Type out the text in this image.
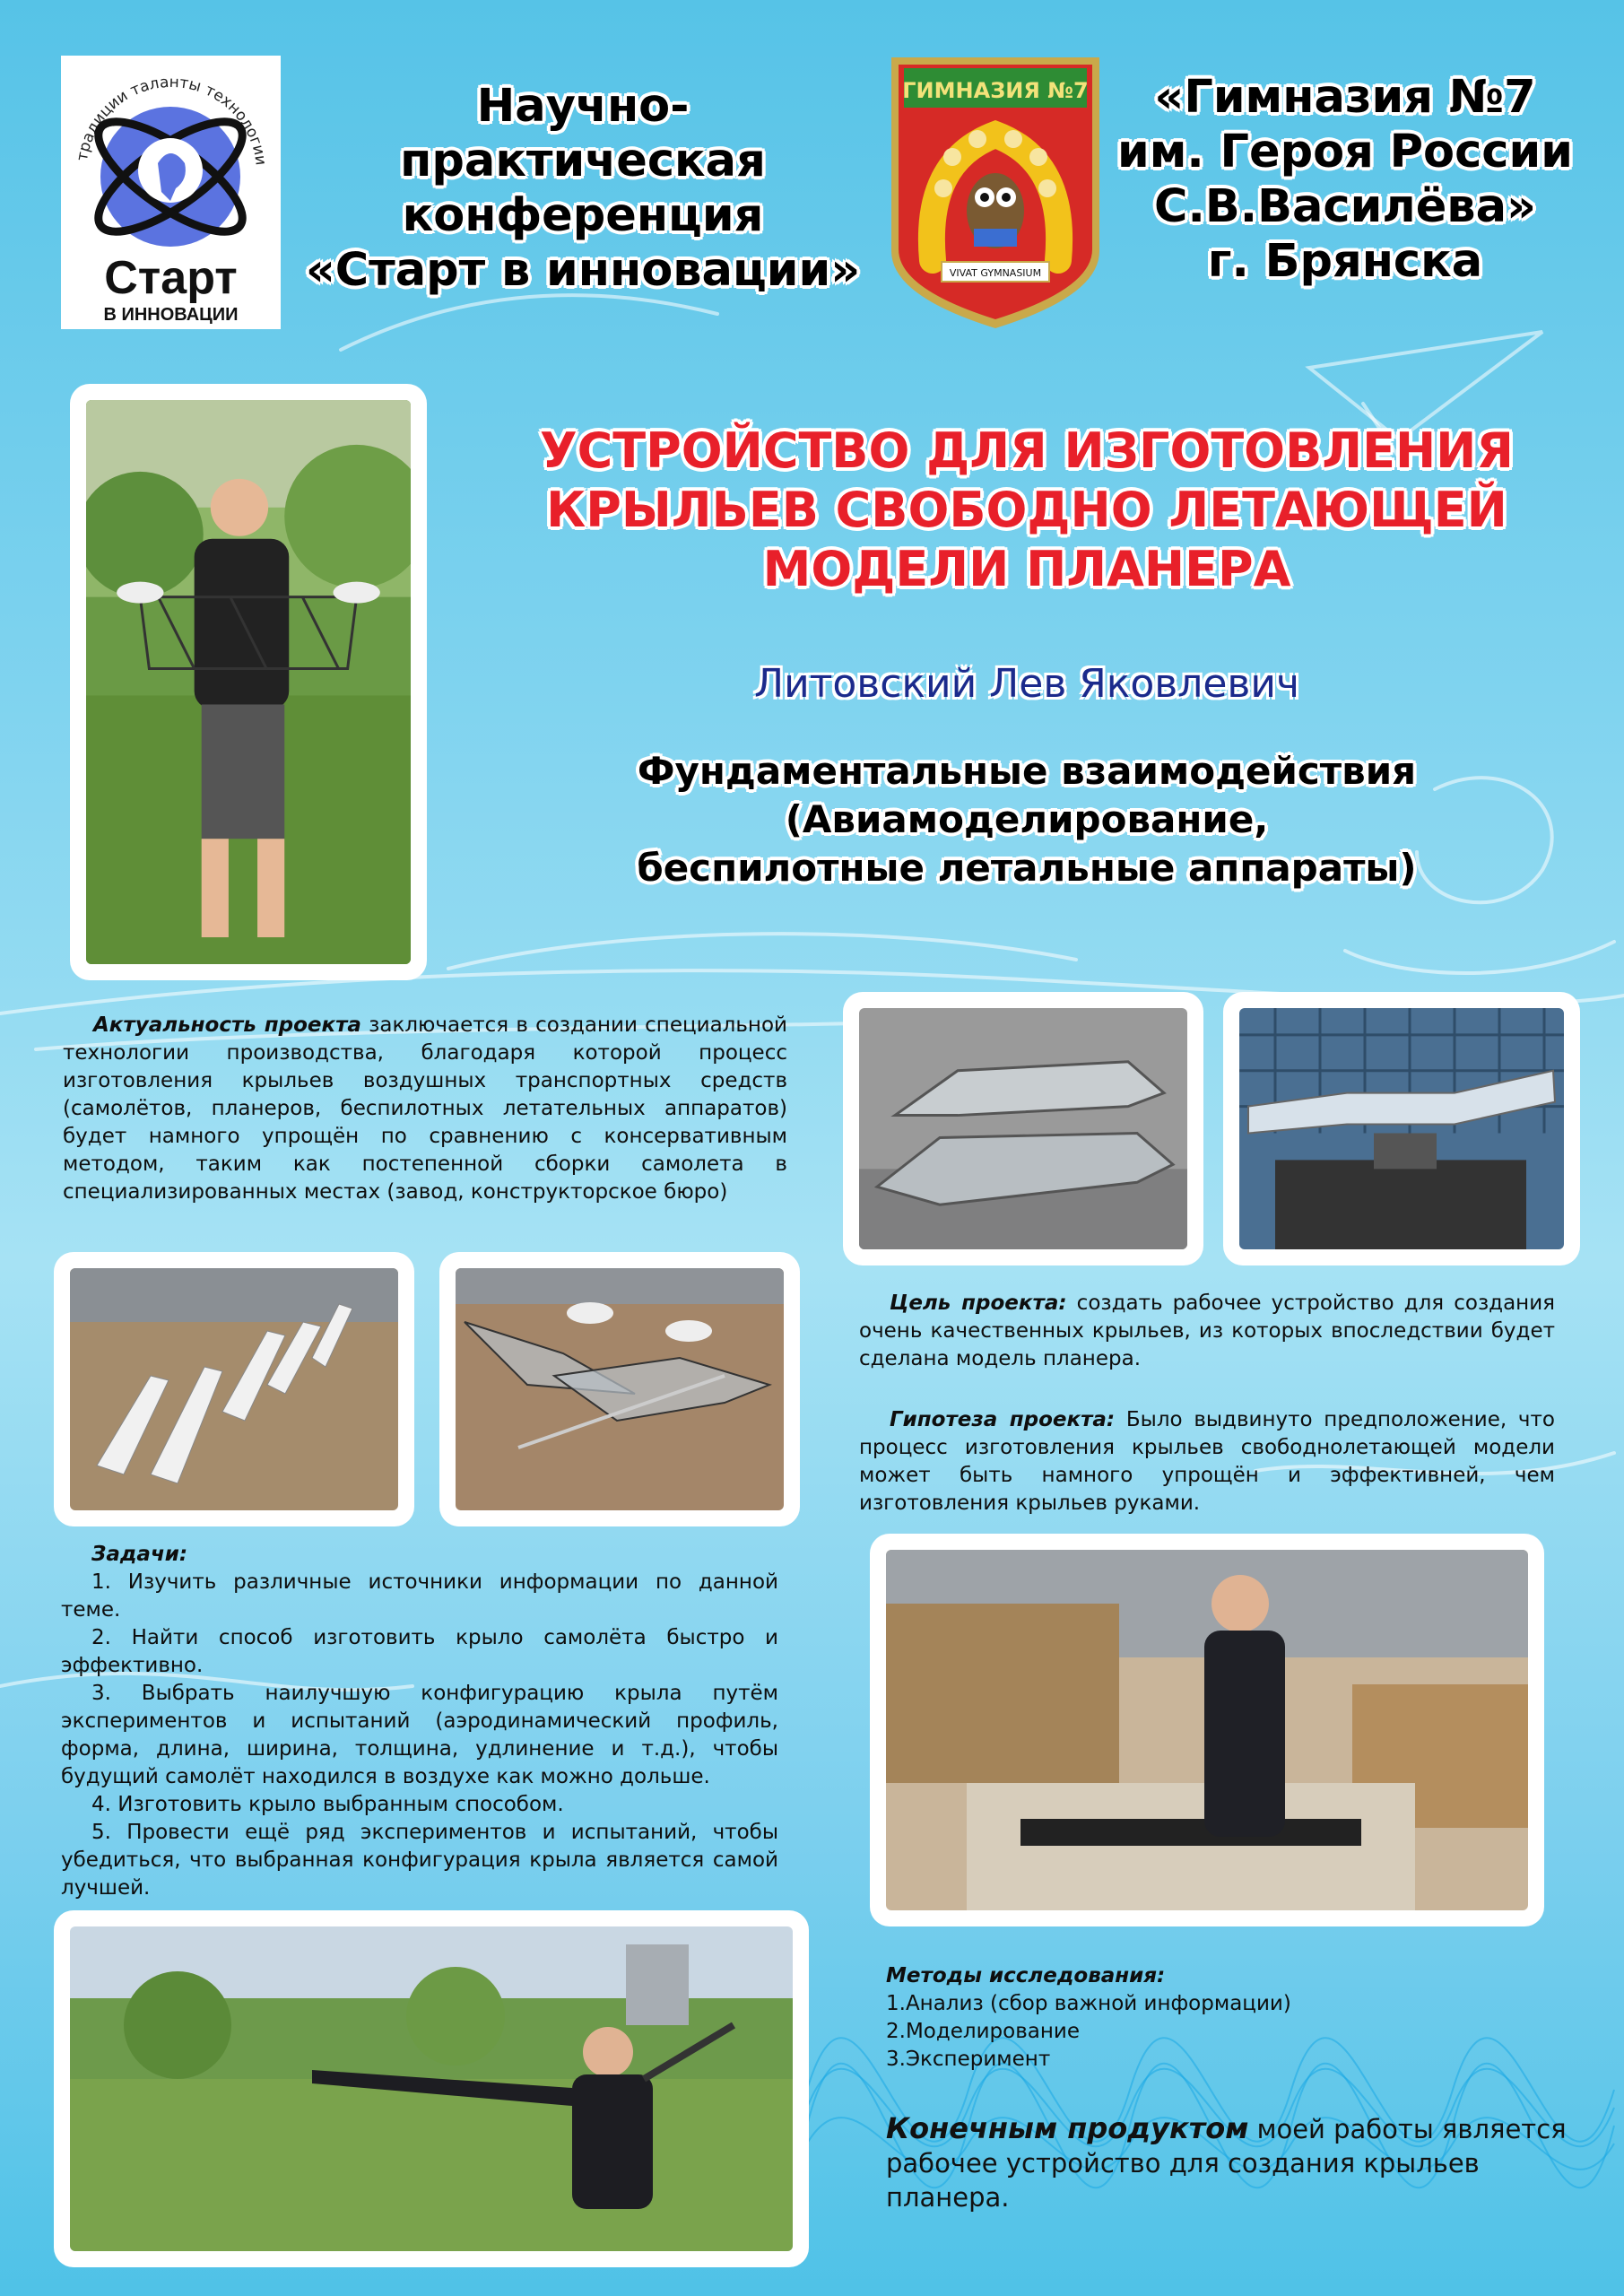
традиции таланты технологии
Старт
В ИННОВАЦИИ
Научно-
практическая
конференция
«Старт в инновации»
ГИМНАЗИЯ №7
VIVAT GYMNASIUM
«Гимназия №7
им. Героя России
С.В.Василёва»
г. Брянска
УСТРОЙСТВО ДЛЯ ИЗГОТОВЛЕНИЯ
КРЫЛЬЕВ СВОБОДНО ЛЕТАЮЩЕЙ
МОДЕЛИ ПЛАНЕРА
Литовский Лев Яковлевич
Фундаментальные взаимодействия
(Авиамоделирование,
беспилотные летальные аппараты)
Актуальность проекта заключается в создании специальной технологии производства, благодаря которой процесс изготовления крыльев воздушных транспортных средств (самолётов, планеров, беспилотных летательных аппаратов) будет намного упрощён по сравнению с консервативным методом, таким как постепенной сборки самолета в специализированных местах (завод, конструкторское бюро)
Цель проекта: создать рабочее устройство для создания очень качественных крыльев, из которых впоследствии будет сделана модель планера.
Гипотеза проекта: Было выдвинуто предположение, что процесс изготовления крыльев свободнолетающей модели может быть намного упрощён и эффективней, чем изготовления крыльев руками.
Задачи:
1. Изучить различные источники информации по данной теме.
2. Найти способ изготовить крыло самолёта быстро и эффективно.
3. Выбрать наилучшую конфигурацию крыла путём экспериментов и испытаний (аэродинамический профиль, форма, длина, ширина, толщина, удлинение и т.д.), чтобы будущий самолёт находился в воздухе как можно дольше.
4. Изготовить крыло выбранным способом.
5. Провести ещё ряд экспериментов и испытаний, чтобы убедиться, что выбранная конфигурация крыла является самой лучшей.
Методы исследования:
1.Анализ (сбор важной информации)
2.Моделирование
3.Эксперимент
Конечным продуктом моей работы является рабочее устройство для создания крыльев планера.
